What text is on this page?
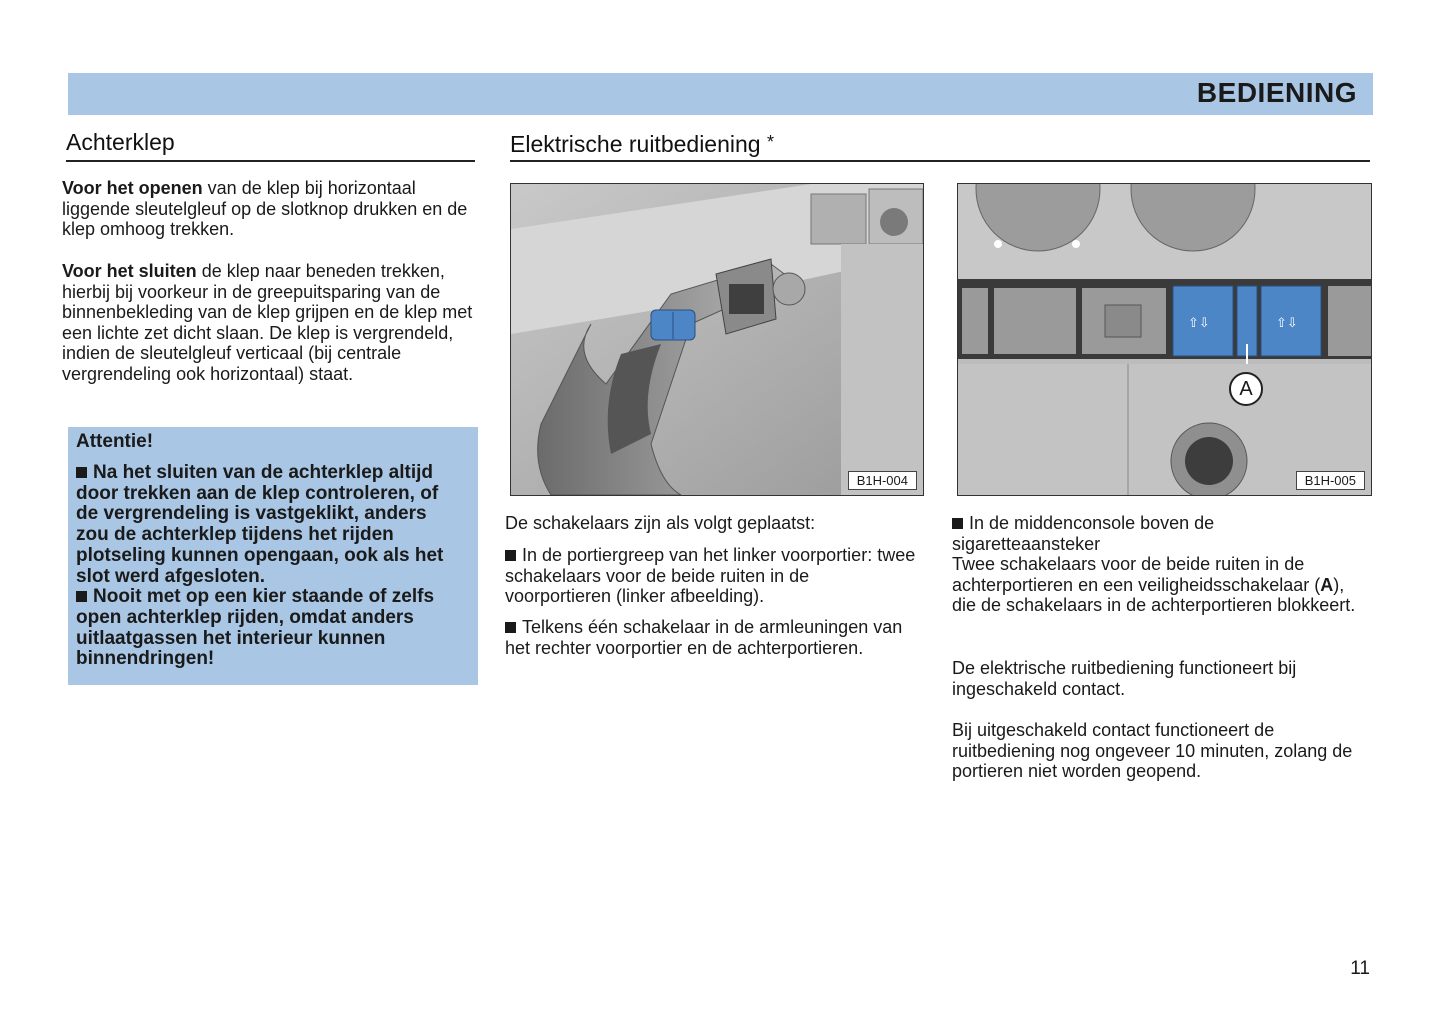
BEDIENING
Achterklep
Voor het openen van de klep bij horizontaal liggende sleutelgleuf op de slotknop drukken en de klep omhoog trekken.
Voor het sluiten de klep naar beneden trekken, hierbij bij voorkeur in de greepuitsparing van de binnenbekleding van de klep grijpen en de klep met een lichte zet dicht slaan. De klep is vergrendeld, indien de sleutelgleuf verticaal (bij centrale vergrendeling ook horizontaal) staat.
Attentie!
Na het sluiten van de achterklep altijd door trekken aan de klep controleren, of de vergrendeling is vastgeklikt, anders zou de achterklep tijdens het rijden plotseling kunnen opengaan, ook als het slot werd afgesloten.
Nooit met op een kier staande of zelfs open achterklep rijden, omdat anders uitlaatgassen het interieur kunnen binnendringen!
Elektrische ruitbediening *
B1H-004
⇧⇩	⇧⇩
A
B1H-005
De schakelaars zijn als volgt geplaatst:
In de portiergreep van het linker voorportier: twee schakelaars voor de beide ruiten in de voorportieren (linker afbeelding).
Telkens één schakelaar in de armleuningen van het rechter voorportier en de achterportieren.
In de middenconsole boven de sigaretteaansteker
Twee schakelaars voor de beide ruiten in de achterportieren en een veiligheidsschakelaar (A), die de schakelaars in de achterportieren blokkeert.
De elektrische ruitbediening functioneert bij ingeschakeld contact.
Bij uitgeschakeld contact functioneert de ruitbediening nog ongeveer 10 minuten, zolang de portieren niet worden geopend.
11
